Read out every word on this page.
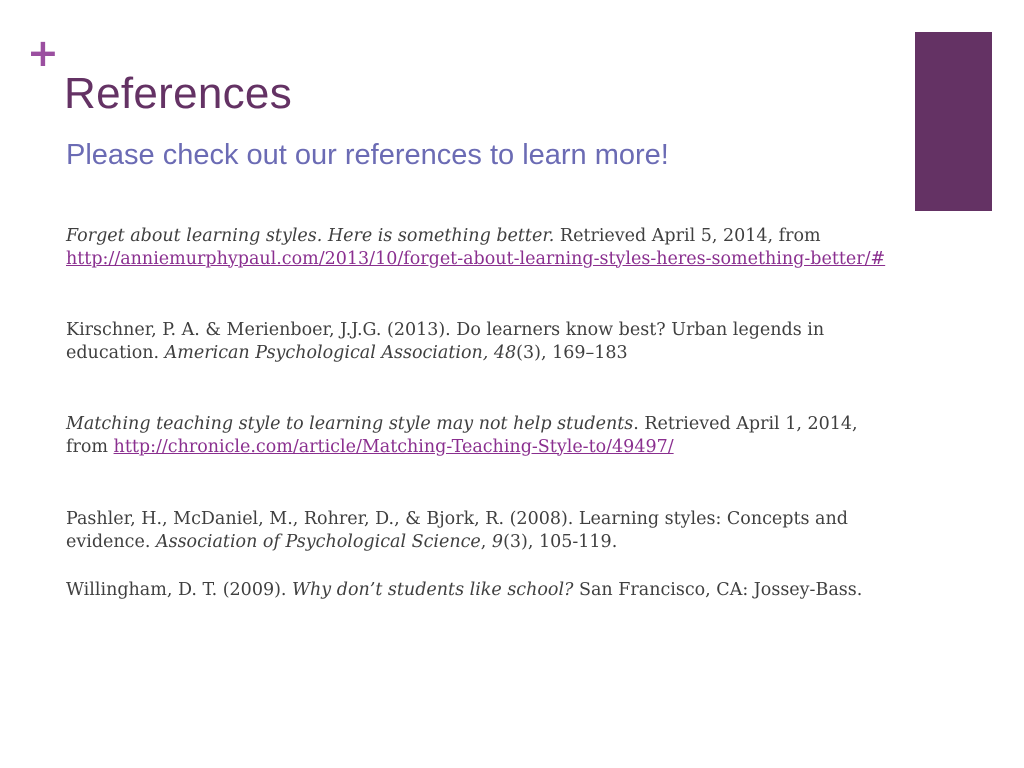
+
References
Please check out our references to learn more!

Forget about learning styles. Here is something better. Retrieved April 5, 2014, from http://anniemurphypaul.com/2013/10/forget-about-learning-styles-heres-something-better/#

Kirschner, P. A. & Merienboer, J.J.G. (2013). Do learners know best? Urban legends in education. American Psychological Association, 48(3), 169–183

Matching teaching style to learning style may not help students. Retrieved April 1, 2014, from http://chronicle.com/article/Matching-Teaching-Style-to/49497/

Pashler, H., McDaniel, M., Rohrer, D., & Bjork, R. (2008). Learning styles: Concepts and evidence. Association of Psychological Science, 9(3), 105-119.

Willingham, D. T. (2009). Why don’t students like school? San Francisco, CA: Jossey-Bass.
